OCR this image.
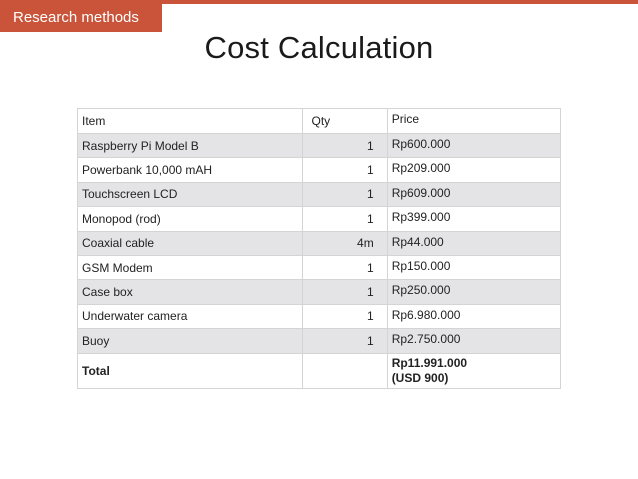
Research methods
Cost Calculation
Item	Qty	Price
Raspberry Pi Model B	1	Rp600.000
Powerbank 10,000 mAH	1	Rp209.000
Touchscreen LCD	1	Rp609.000
Monopod (rod)	1	Rp399.000
Coaxial cable	4m	Rp44.000
GSM Modem	1	Rp150.000
Case box	1	Rp250.000
Underwater camera	1	Rp6.980.000
Buoy	1	Rp2.750.000
Total		Rp11.991.000
(USD 900)
